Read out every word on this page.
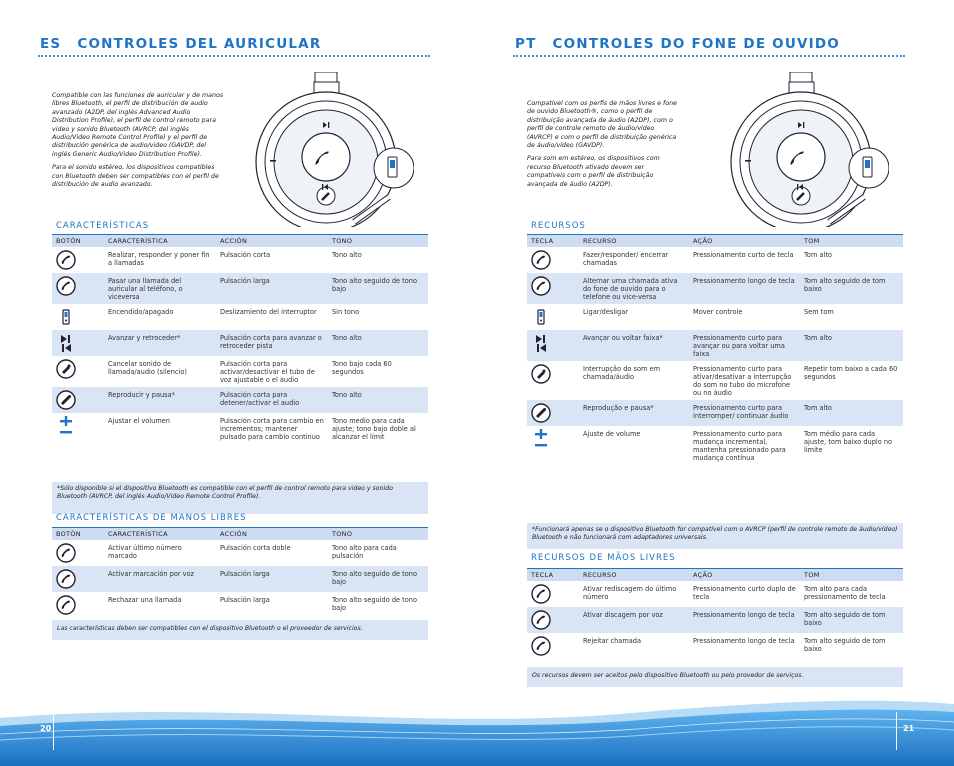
ES CONTROLES DEL AURICULAR

Compatible con las funciones de auricular y de manos libres Bluetooth, el perfil de distribución de audio avanzado (A2DP, del inglés Advanced Audio Distribution Profile), el perfil de control remoto para video y sonido Bluetooth (AVRCP, del inglés Audio/Video Remote Control Profile) y el perfil de distribución genérica de audio/video (GAVDP, del inglés Generic Audio/Video Distribution Profile).

Para el sonido estéreo, los dispositivos compatibles con Bluetooth deben ser compatibles con el perfil de distribución de audio avanzado.

CARACTERÍSTICAS
BOTÓN	CARACTERÍSTICA	ACCIÓN	TONO

	Realizar, responder y poner fin a llamadas	Pulsación corta	Tono alto

	Pasar una llamada del auricular al teléfono, o viceversa	Pulsación larga	Tono alto seguido de tono bajo

	Encendido/apagado	Deslizamiento del interruptor	Sin tono

	Avanzar y retroceder*	Pulsación corta para avanzar o retroceder pista	Tono alto

	Cancelar sonido de llamada/audio (silencio)	Pulsación corta para activar/desactivar el tubo de voz ajustable o el audio	Tono bajo cada 60 segundos

	Reproducir y pausa*	Pulsación corta para detener/activar el audio	Tono alto

	Ajustar el volumen	Pulsación corta para cambio en incrementos; mantener pulsado para cambio continuo	Tono medio para cada ajuste; tono bajo doble al alcanzar el límit
*Sólo disponible si el dispositivo Bluetooth es compatible con el perfil de control remoto para video y sonido Bluetooth (AVRCP, del inglés Audio/Video Remote Control Profile).
CARACTERÍSTICAS DE MANOS LIBRES
BOTÓN	CARACTERÍSTICA	ACCIÓN	TONO

	Activar último número marcado	Pulsación corta doble	Tono alto para cada pulsación

	Activar marcación por voz	Pulsación larga	Tono alto seguido de tono bajo

	Rechazar una llamada	Pulsación larga	Tono alto seguido de tono bajo
Las características deben ser compatibles con el dispositivo Bluetooth o el proveedor de servicios.
PT CONTROLES DO FONE DE OUVIDO

Compatível com os perfis de mãos livres e fone de ouvido Bluetooth®, como o perfil de distribuição avançada de áudio (A2DP), com o perfil de controle remoto de áudio/vídeo (AVRCP) e com o perfil de distribuição genérica de áudio/vídeo (GAVDP).

Para som em estéreo, os dispositivos com recurso Bluetooth ativado devem ser compatíveis com o perfil de distribuição avançada de áudio (A2DP).

RECURSOS
TECLA	RECURSO	AÇÃO	TOM

	Fazer/responder/ encerrar chamadas	Pressionamento curto de tecla	Tom alto

	Alternar uma chamada ativa do fone de ouvido para o telefone ou vice-versa	Pressionamento longo de tecla	Tom alto seguido de tom baixo

	Ligar/desligar	Mover controle	Sem tom

	Avançar ou voltar faixa*	Pressionamento curto para avançar ou para voltar uma faixa	Tom alto

	Interrupção do som em chamada/áudio	Pressionamento curto para ativar/desativar a interrupção do som no tubo do microfone ou no áudio	Repetir tom baixo a cada 60 segundos

	Reprodução e pausa*	Pressionamento curto para interromper/ continuar áudio	Tom alto

	Ajuste de volume	Pressionamento curto para mudança incremental, mantenha pressionado para mudança contínua	Tom médio para cada ajuste, tom baixo duplo no limite
*Funcionará apenas se o dispositivo Bluetooth for compatível com o AVRCP (perfil de controle remoto de áudio/vídeo) Bluetooth e não funcionará com adaptadores universais.
RECURSOS DE MÃOS LIVRES
TECLA	RECURSO	AÇÃO	TOM

	Ativar rediscagem do último número	Pressionamento curto duplo de tecla	Tom alto para cada pressionamento de tecla

	Ativar discagem por voz	Pressionamento longo de tecla	Tom alto seguido de tom baixo

	Rejeitar chamada	Pressionamento longo de tecla	Tom alto seguido de tom baixo
Os recursos devem ser aceitos pelo dispositivo Bluetooth ou pelo provedor de serviços.
20	21
